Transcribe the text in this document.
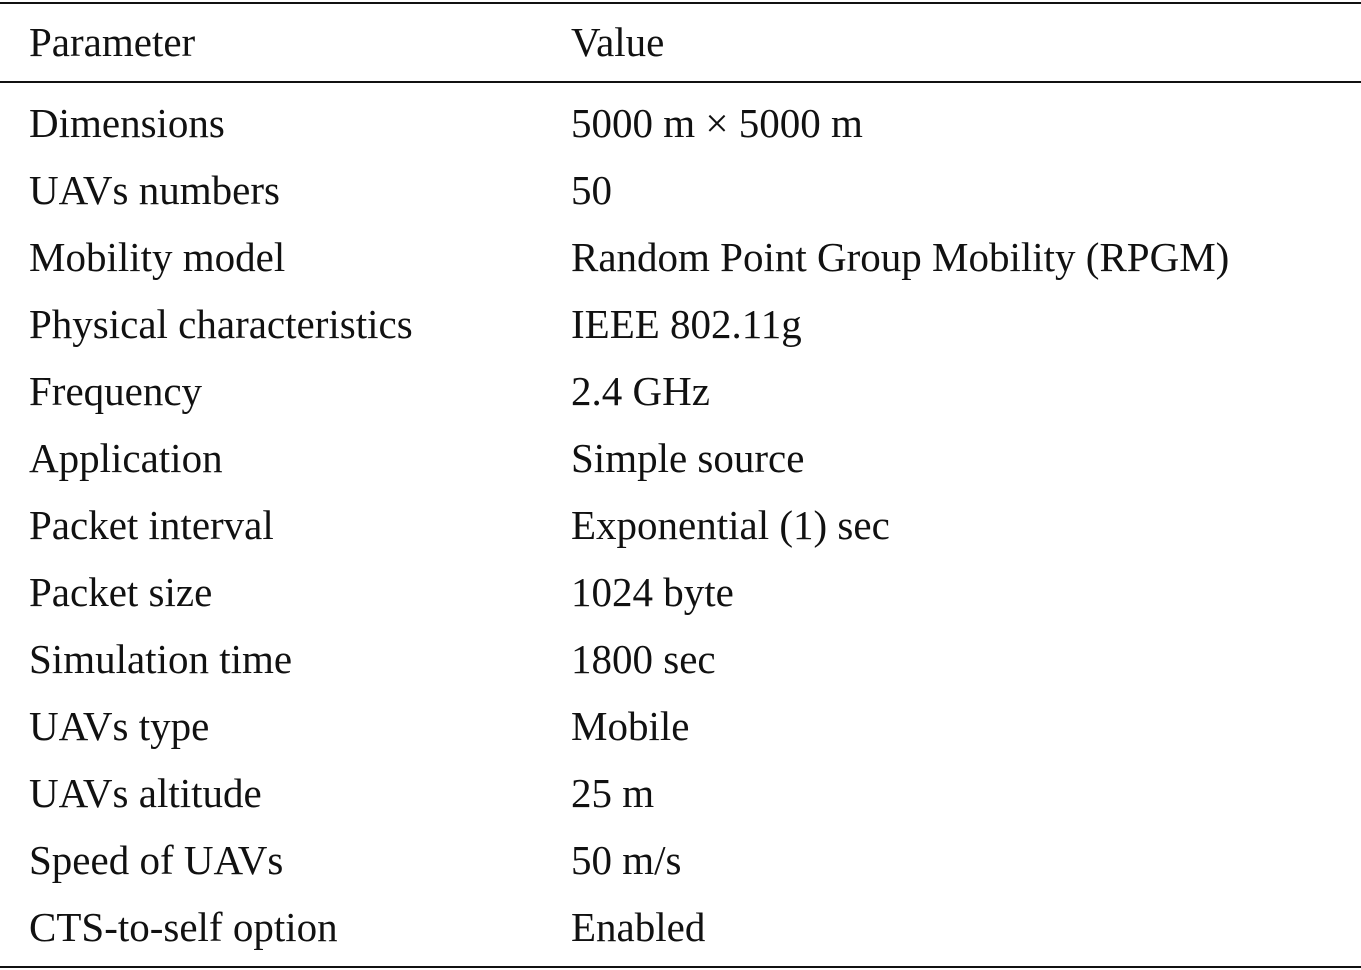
Parameter	Value
Dimensions	5000 m × 5000 m
UAVs numbers	50
Mobility model	Random Point Group Mobility (RPGM)
Physical characteristics	IEEE 802.11g
Frequency	2.4 GHz
Application	Simple source
Packet interval	Exponential (1) sec
Packet size	1024 byte
Simulation time	1800 sec
UAVs type	Mobile
UAVs altitude	25 m
Speed of UAVs	50 m/s
CTS-to-self option	Enabled
